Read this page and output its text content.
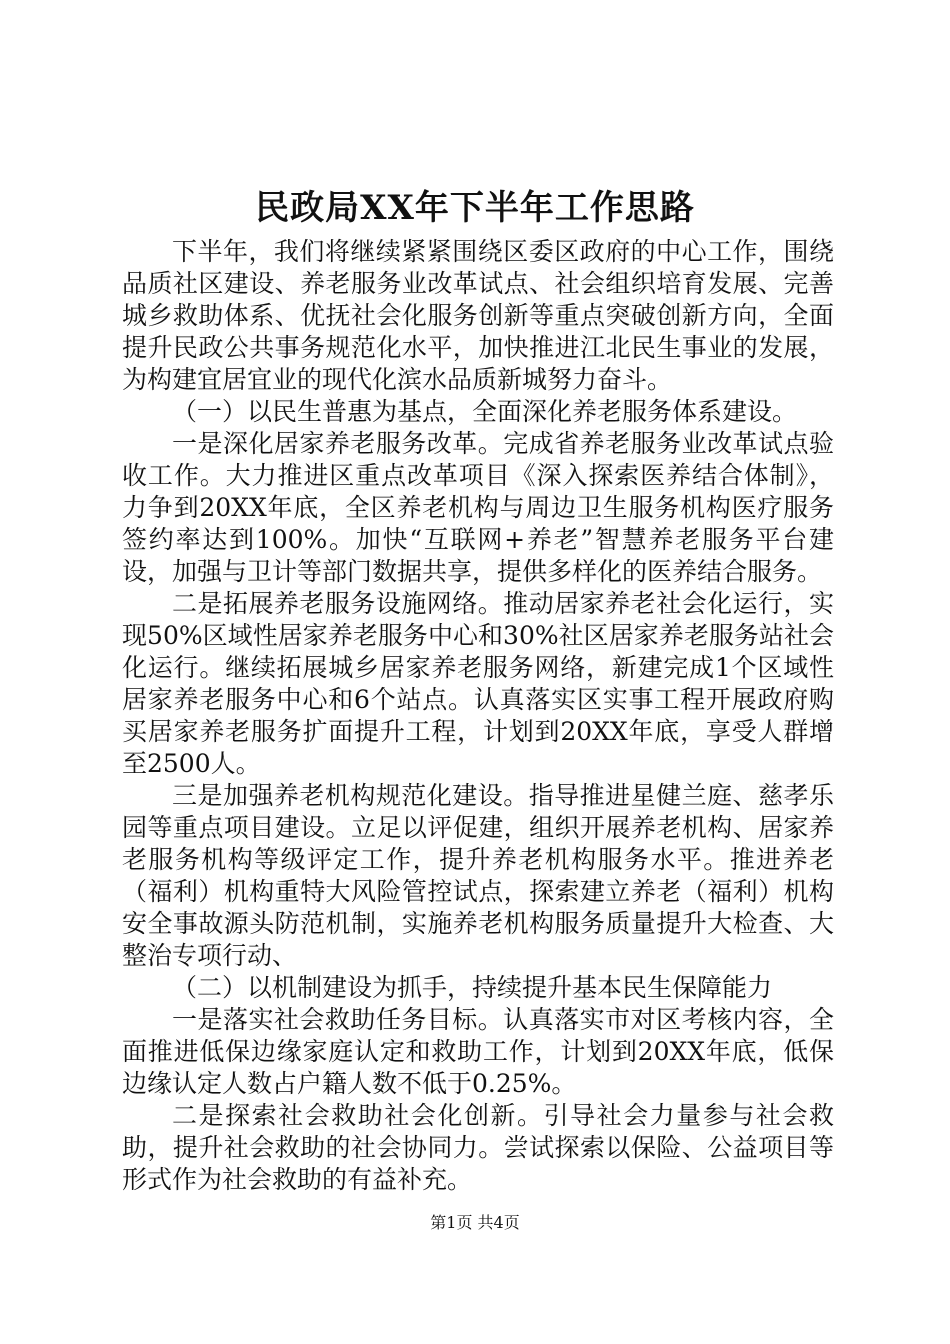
民政局XX年下半年工作思路

下半年，我们将继续紧紧围绕区委区政府的中心工作，围绕品质社区建设、养老服务业改革试点、社会组织培育发展、完善城乡救助体系、优抚社会化服务创新等重点突破创新方向，全面提升民政公共事务规范化水平，加快推进江北民生事业的发展，为构建宜居宜业的现代化滨水品质新城努力奋斗。

（一）以民生普惠为基点，全面深化养老服务体系建设。

一是深化居家养老服务改革。完成省养老服务业改革试点验收工作。大力推进区重点改革项目《深入探索医养结合体制》，力争到20XX年底，全区养老机构与周边卫生服务机构医疗服务签约率达到100%。加快“互联网+养老”智慧养老服务平台建设，加强与卫计等部门数据共享，提供多样化的医养结合服务。

二是拓展养老服务设施网络。推动居家养老社会化运行，实现50%区域性居家养老服务中心和30%社区居家养老服务站社会化运行。继续拓展城乡居家养老服务网络，新建完成1个区域性居家养老服务中心和6个站点。认真落实区实事工程开展政府购买居家养老服务扩面提升工程，计划到20XX年底，享受人群增至2500人。

三是加强养老机构规范化建设。指导推进星健兰庭、慈孝乐园等重点项目建设。立足以评促建，组织开展养老机构、居家养老服务机构等级评定工作，提升养老机构服务水平。推进养老（福利）机构重特大风险管控试点，探索建立养老（福利）机构安全事故源头防范机制，实施养老机构服务质量提升大检查、大整治专项行动、

（二）以机制建设为抓手，持续提升基本民生保障能力

一是落实社会救助任务目标。认真落实市对区考核内容，全面推进低保边缘家庭认定和救助工作，计划到20XX年底，低保边缘认定人数占户籍人数不低于0.25%。

二是探索社会救助社会化创新。引导社会力量参与社会救助，提升社会救助的社会协同力。尝试探索以保险、公益项目等形式作为社会救助的有益补充。

第1页 共4页
